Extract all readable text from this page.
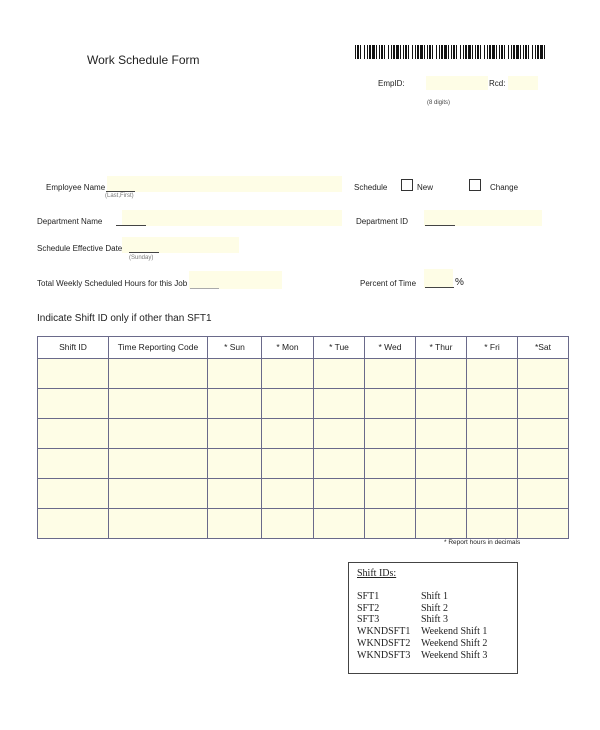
Work Schedule Form
EmpID:	Rcd:
(8 digits)
Employee Name
(Last,First)
Schedule	New	Change
Department Name	Department ID
Schedule Effective Date
(Sunday)
Total Weekly Scheduled Hours for this Job	Percent of Time	%
Indicate Shift ID only if other than SFT1
Shift ID	Time Reporting Code	* Sun	* Mon	* Tue	* Wed	* Thur	* Fri	*Sat

* Report hours in decimals
Shift IDs:
SFT1	Shift 1
SFT2	Shift 2
SFT3	Shift 3
WKNDSFT1 Weekend Shift 1
WKNDSFT2 Weekend Shift 2
WKNDSFT3 Weekend Shift 3
